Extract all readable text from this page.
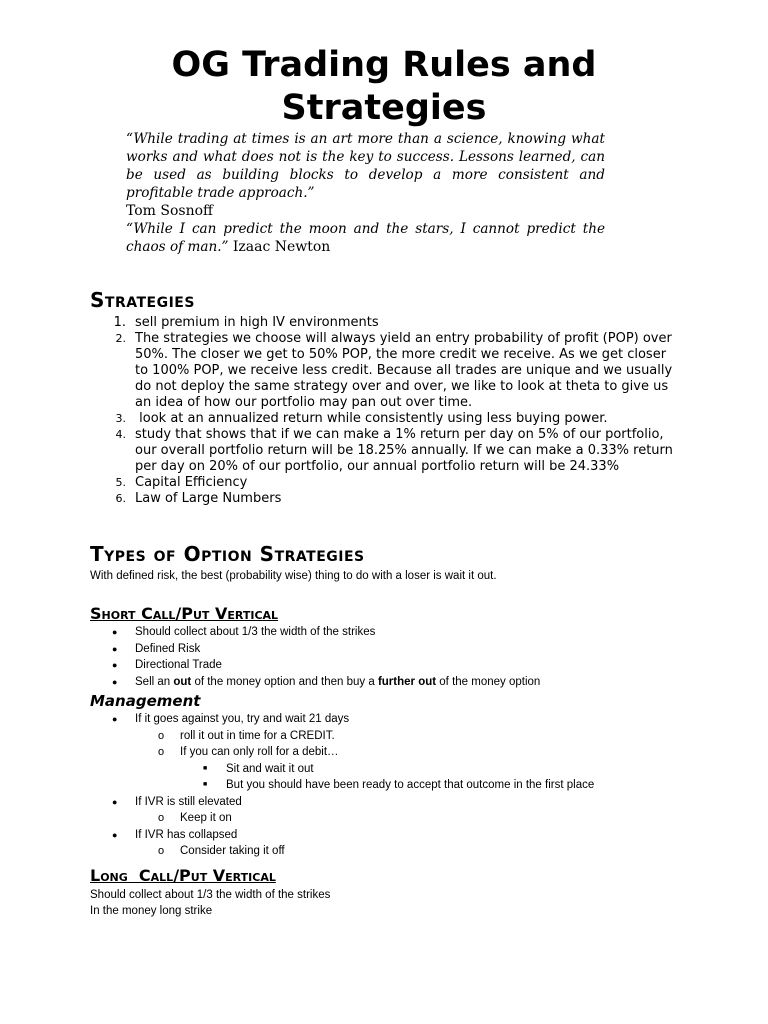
OG Trading Rules and
Strategies

“While trading at times is an art more than a science, knowing what works and what does not is the key to success. Lessons learned, can be used as building blocks to develop a more consistent and profitable trade approach.”

Tom Sosnoff

“While I can predict the moon and the stars, I cannot predict the chaos of man.” Izaac Newton

Strategies
1. sell premium in high IV environments
2. The strategies we choose will always yield an entry probability of profit (POP) over 50%. The closer we get to 50% POP, the more credit we receive. As we get closer to 100% POP, we receive less credit. Because all trades are unique and we usually do not deploy the same strategy over and over, we like to look at theta to give us an idea of how our portfolio may pan out over time.
3. look at an annualized return while consistently using less buying power.
4. study that shows that if we can make a 1% return per day on 5% of our portfolio, our overall portfolio return will be 18.25% annually. If we can make a 0.33% return per day on 20% of our portfolio, our annual portfolio return will be 24.33%
5. Capital Efficiency
6. Law of Large Numbers
Types of Option Strategies

With defined risk, the best (probability wise) thing to do with a loser is wait it out.

Short Call/Put Vertical
● Should collect about 1/3 the width of the strikes
● Defined Risk
● Directional Trade
● Sell an out of the money option and then buy a further out of the money option
Management
● If it goes against you, try and wait 21 days
o roll it out in time for a CREDIT.
o If you can only roll for a debit…
■ Sit and wait it out
■ But you should have been ready to accept that outcome in the first place
● If IVR is still elevated
o Keep it on
● If IVR has collapsed
o Consider taking it off
Long  Call/Put Vertical

Should collect about 1/3 the width of the strikes

In the money long strike
